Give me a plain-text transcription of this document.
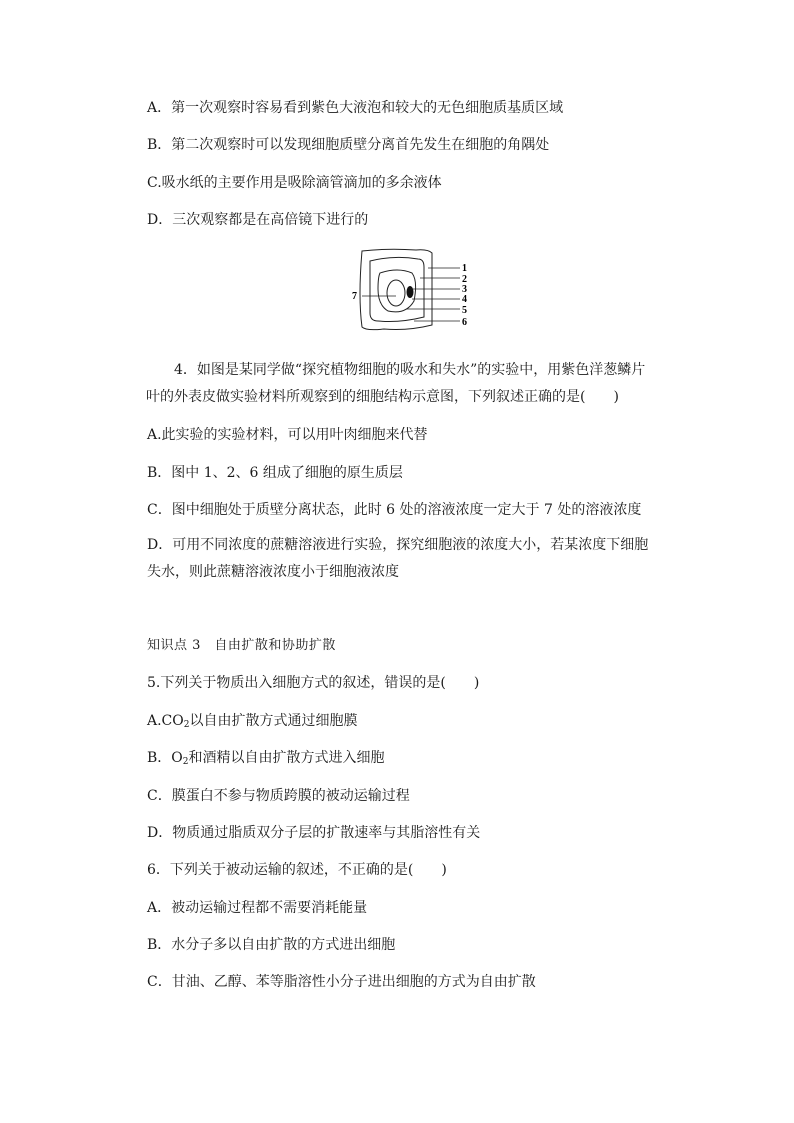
A．第一次观察时容易看到紫色大液泡和较大的无色细胞质基质区域
B．第二次观察时可以发现细胞质壁分离首先发生在细胞的角隅处
C.吸水纸的主要作用是吸除滴管滴加的多余液体
D．三次观察都是在高倍镜下进行的
1
2
3
4
5
6
7
4．如图是某同学做“探究植物细胞的吸水和失水”的实验中，用紫色洋葱鳞片叶的外表皮做实验材料所观察到的细胞结构示意图，下列叙述正确的是(　　)
A.此实验的实验材料，可以用叶肉细胞来代替
B．图中 1、2、6 组成了细胞的原生质层
C．图中细胞处于质壁分离状态，此时 6 处的溶液浓度一定大于 7 处的溶液浓度
D．可用不同浓度的蔗糖溶液进行实验，探究细胞液的浓度大小，若某浓度下细胞失水，则此蔗糖溶液浓度小于细胞液浓度
知识点 3　自由扩散和协助扩散
5.下列关于物质出入细胞方式的叙述，错误的是(　　)
$A.CO_2$以自由扩散方式通过细胞膜
B．$O_2$和酒精以自由扩散方式进入细胞
C．膜蛋白不参与物质跨膜的被动运输过程
D．物质通过脂质双分子层的扩散速率与其脂溶性有关
6．下列关于被动运输的叙述，不正确的是(　　)
A．被动运输过程都不需要消耗能量
B．水分子多以自由扩散的方式进出细胞
C．甘油、乙醇、苯等脂溶性小分子进出细胞的方式为自由扩散
